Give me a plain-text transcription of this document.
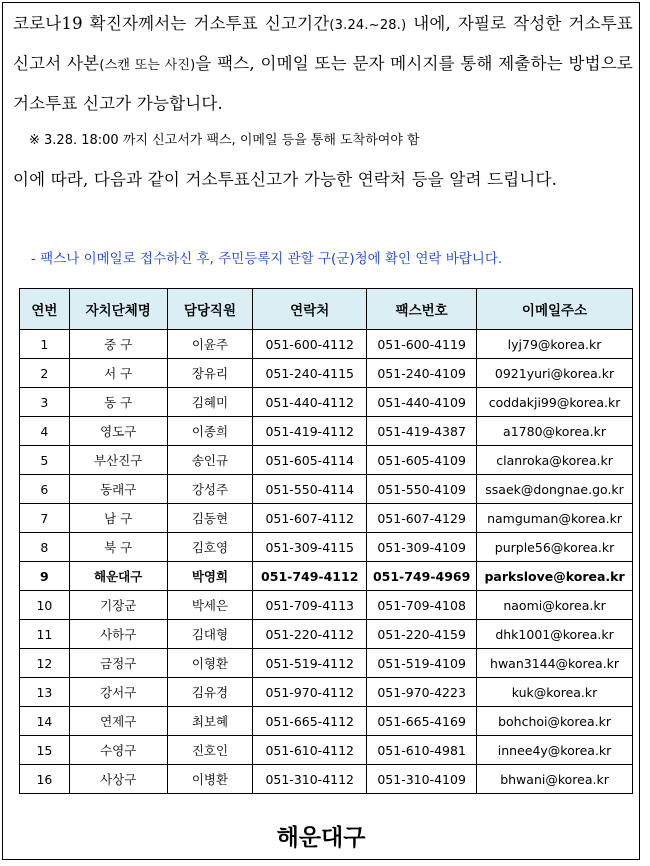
코로나19 확진자께서는 거소투표 신고기간(3.24.~28.) 내에, 자필로 작성한 거소투표신고서 사본(스캔 또는 사진)을 팩스, 이메일 또는 문자 메시지를 통해 제출하는 방법으로 거소투표 신고가 가능합니다.

※ 3.28. 18:00 까지 신고서가 팩스, 이메일 등을 통해 도착하여야 함

이에 따라, 다음과 같이 거소투표신고가 가능한 연락처 등을 알려 드립니다.

- 팩스나 이메일로 접수하신 후, 주민등록지 관할 구(군)청에 확인 연락 바랍니다.
연번	자치단체명	담당직원	연락처	팩스번호	이메일주소
1	중 구	이윤주	051-600-4112	051-600-4119	lyj79@korea.kr
2	서 구	장유리	051-240-4115	051-240-4109	0921yuri@korea.kr
3	동 구	김혜미	051-440-4112	051-440-4109	coddakji99@korea.kr
4	영도구	이종희	051-419-4112	051-419-4387	a1780@korea.kr
5	부산진구	송인규	051-605-4114	051-605-4109	clanroka@korea.kr
6	동래구	강성주	051-550-4114	051-550-4109	ssaek@dongnae.go.kr
7	남 구	김동현	051-607-4112	051-607-4129	namguman@korea.kr
8	북 구	김호영	051-309-4115	051-309-4109	purple56@korea.kr
9	해운대구	박영희	051-749-4112	051-749-4969	parkslove@korea.kr
10	기장군	박세은	051-709-4113	051-709-4108	naomi@korea.kr
11	사하구	김대형	051-220-4112	051-220-4159	dhk1001@korea.kr
12	금정구	이형환	051-519-4112	051-519-4109	hwan3144@korea.kr
13	강서구	김유경	051-970-4112	051-970-4223	kuk@korea.kr
14	연제구	최보혜	051-665-4112	051-665-4169	bohchoi@korea.kr
15	수영구	진호인	051-610-4112	051-610-4981	innee4y@korea.kr
16	사상구	이병환	051-310-4112	051-310-4109	bhwani@korea.kr
해운대구
